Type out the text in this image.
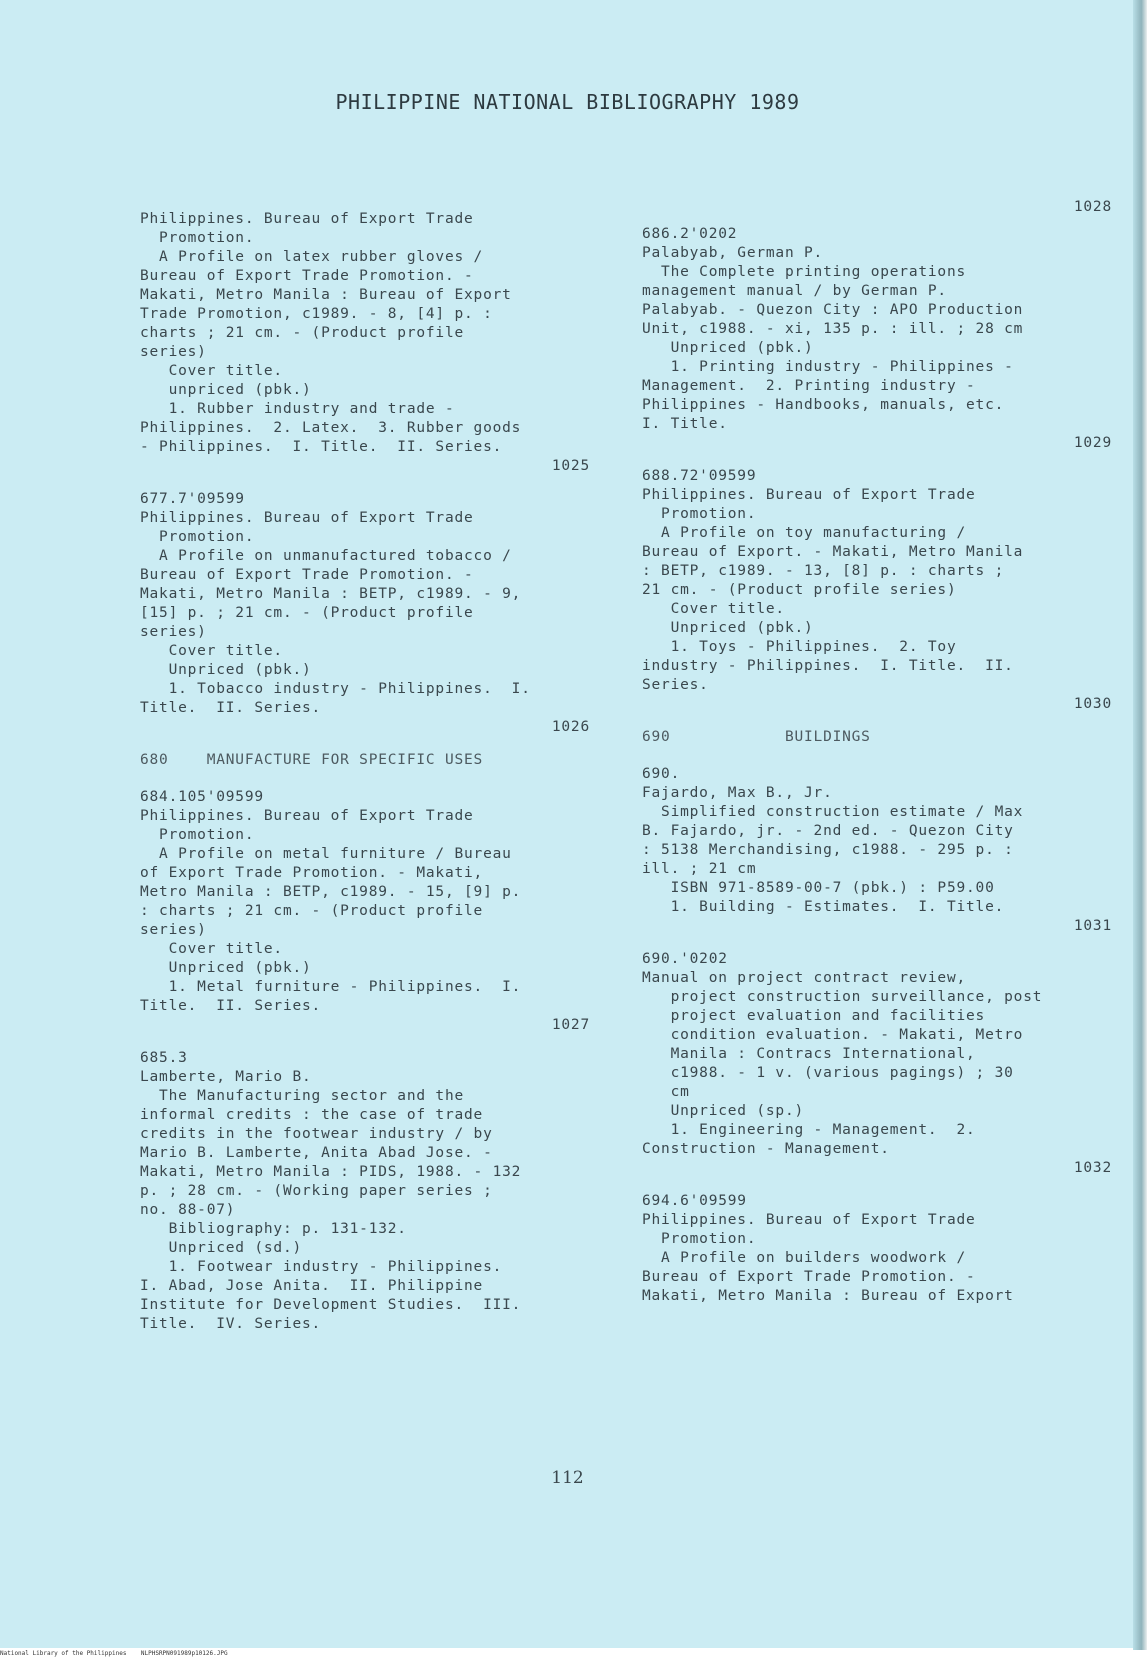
PHILIPPINE NATIONAL BIBLIOGRAPHY 1989
Philippines. Bureau of Export Trade
Promotion.
A Profile on latex rubber gloves /
Bureau of Export Trade Promotion. -
Makati, Metro Manila : Bureau of Export
Trade Promotion, c1989. - 8, [4] p. :
charts ; 21 cm. - (Product profile
series)
Cover title.
unpriced (pbk.)
1. Rubber industry and trade -
Philippines.  2. Latex.  3. Rubber goods
- Philippines.  I. Title.  II. Series.
1025
677.7'09599
Philippines. Bureau of Export Trade
Promotion.
A Profile on unmanufactured tobacco /
Bureau of Export Trade Promotion. -
Makati, Metro Manila : BETP, c1989. - 9,
[15] p. ; 21 cm. - (Product profile
series)
Cover title.
Unpriced (pbk.)
1. Tobacco industry - Philippines.  I.
Title.  II. Series.
1026
680    MANUFACTURE FOR SPECIFIC USES
684.105'09599
Philippines. Bureau of Export Trade
Promotion.
A Profile on metal furniture / Bureau
of Export Trade Promotion. - Makati,
Metro Manila : BETP, c1989. - 15, [9] p.
: charts ; 21 cm. - (Product profile
series)
Cover title.
Unpriced (pbk.)
1. Metal furniture - Philippines.  I.
Title.  II. Series.
1027
685.3
Lamberte, Mario B.
The Manufacturing sector and the
informal credits : the case of trade
credits in the footwear industry / by
Mario B. Lamberte, Anita Abad Jose. -
Makati, Metro Manila : PIDS, 1988. - 132
p. ; 28 cm. - (Working paper series ;
no. 88-07)
Bibliography: p. 131-132.
Unpriced (sd.)
1. Footwear industry - Philippines.
I. Abad, Jose Anita.  II. Philippine
Institute for Development Studies.  III.
Title.  IV. Series.
1028
686.2'0202
Palabyab, German P.
The Complete printing operations
management manual / by German P.
Palabyab. - Quezon City : APO Production
Unit, c1988. - xi, 135 p. : ill. ; 28 cm
Unpriced (pbk.)
1. Printing industry - Philippines -
Management.  2. Printing industry -
Philippines - Handbooks, manuals, etc.
I. Title.
1029
688.72'09599
Philippines. Bureau of Export Trade
Promotion.
A Profile on toy manufacturing /
Bureau of Export. - Makati, Metro Manila
: BETP, c1989. - 13, [8] p. : charts ;
21 cm. - (Product profile series)
Cover title.
Unpriced (pbk.)
1. Toys - Philippines.  2. Toy
industry - Philippines.  I. Title.  II.
Series.
1030
690            BUILDINGS
690.
Fajardo, Max B., Jr.
Simplified construction estimate / Max
B. Fajardo, jr. - 2nd ed. - Quezon City
: 5138 Merchandising, c1988. - 295 p. :
ill. ; 21 cm
ISBN 971-8589-00-7 (pbk.) : P59.00
1. Building - Estimates.  I. Title.
1031
690.'0202
Manual on project contract review,
project construction surveillance, post
project evaluation and facilities
condition evaluation. - Makati, Metro
Manila : Contracs International,
c1988. - 1 v. (various pagings) ; 30
cm
Unpriced (sp.)
1. Engineering - Management.  2.
Construction - Management.
1032
694.6'09599
Philippines. Bureau of Export Trade
Promotion.
A Profile on builders woodwork /
Bureau of Export Trade Promotion. -
Makati, Metro Manila : Bureau of Export
112
National Library of the Philippines    NLPHSRPN091989p10126.JPG
